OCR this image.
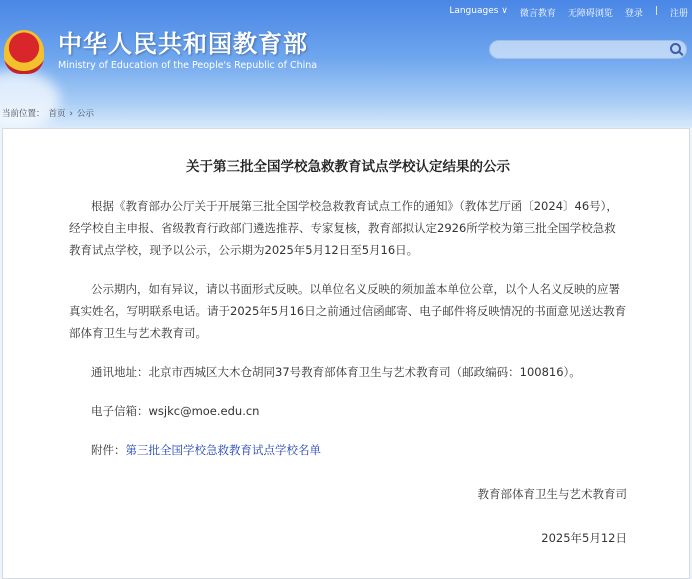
Languages ∨ 微言教育 无障碍浏览 登录 | 注册
中华人民共和国教育部
Ministry of Education of the People's Republic of China
当前位置： 首页 › 公示
关于第三批全国学校急救教育试点学校认定结果的公示
根据《教育部办公厅关于开展第三批全国学校急救教育试点工作的通知》（教体艺厅函〔2024〕46号），经学校自主申报、省级教育行政部门遴选推荐、专家复核，教育部拟认定2926所学校为第三批全国学校急救教育试点学校，现予以公示，公示期为2025年5月12日至5月16日。
公示期内，如有异议，请以书面形式反映。以单位名义反映的须加盖本单位公章，以个人名义反映的应署真实姓名，写明联系电话。请于2025年5月16日之前通过信函邮寄、电子邮件将反映情况的书面意见送达教育部体育卫生与艺术教育司。
通讯地址：北京市西城区大木仓胡同37号教育部体育卫生与艺术教育司（邮政编码：100816）。
电子信箱：wsjkc@moe.edu.cn
附件：第三批全国学校急救教育试点学校名单
教育部体育卫生与艺术教育司
2025年5月12日
